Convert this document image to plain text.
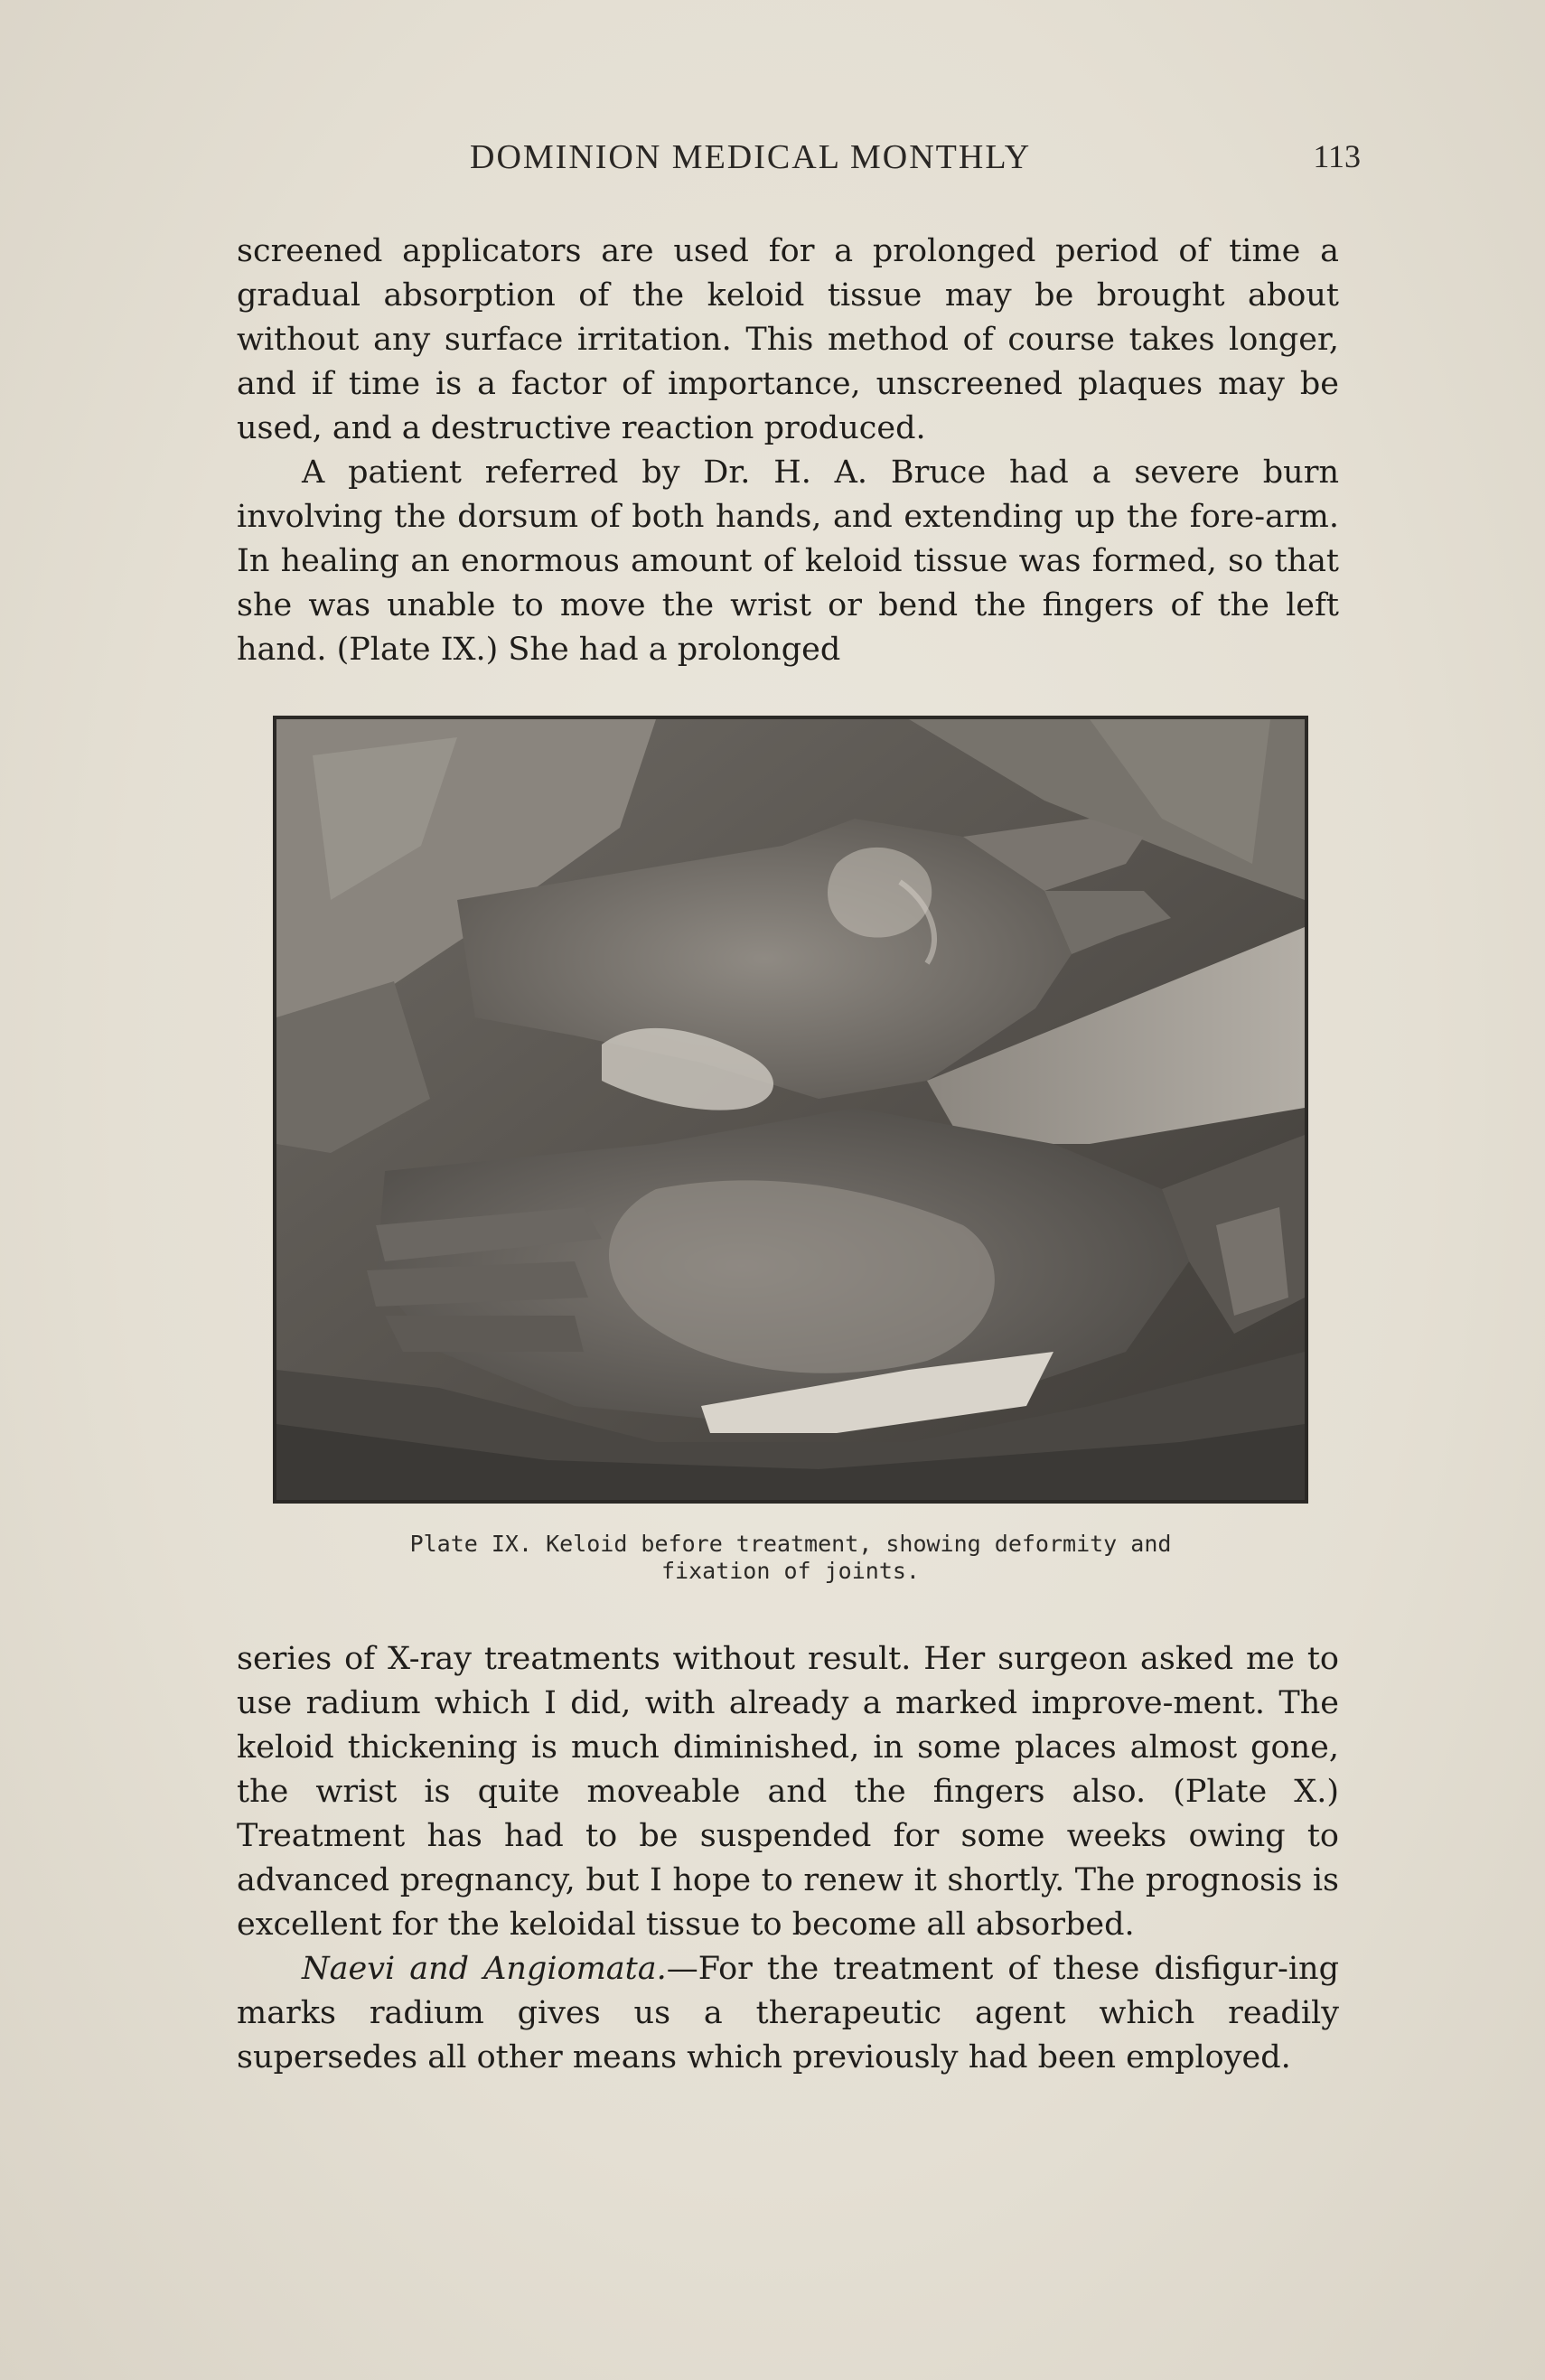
DOMINION MEDICAL MONTHLY	113

screened applicators are used for a prolonged period of time a gradual absorption of the keloid tissue may be brought about without any surface irritation. This method of course takes longer, and if time is a factor of importance, unscreened plaques may be used, and a destructive reaction produced.

A patient referred by Dr. H. A. Bruce had a severe burn involving the dorsum of both hands, and extending up the fore-arm. In healing an enormous amount of keloid tissue was formed, so that she was unable to move the wrist or bend the fingers of the left hand. (Plate IX.) She had a prolonged

Plate IX. Keloid before treatment, showing deformity and
fixation of joints.

series of X-ray treatments without result. Her surgeon asked me to use radium which I did, with already a marked improve-ment. The keloid thickening is much diminished, in some places almost gone, the wrist is quite moveable and the fingers also. (Plate X.) Treatment has had to be suspended for some weeks owing to advanced pregnancy, but I hope to renew it shortly. The prognosis is excellent for the keloidal tissue to become all absorbed.

Naevi and Angiomata.—For the treatment of these disfigur-ing marks radium gives us a therapeutic agent which readily supersedes all other means which previously had been employed.
